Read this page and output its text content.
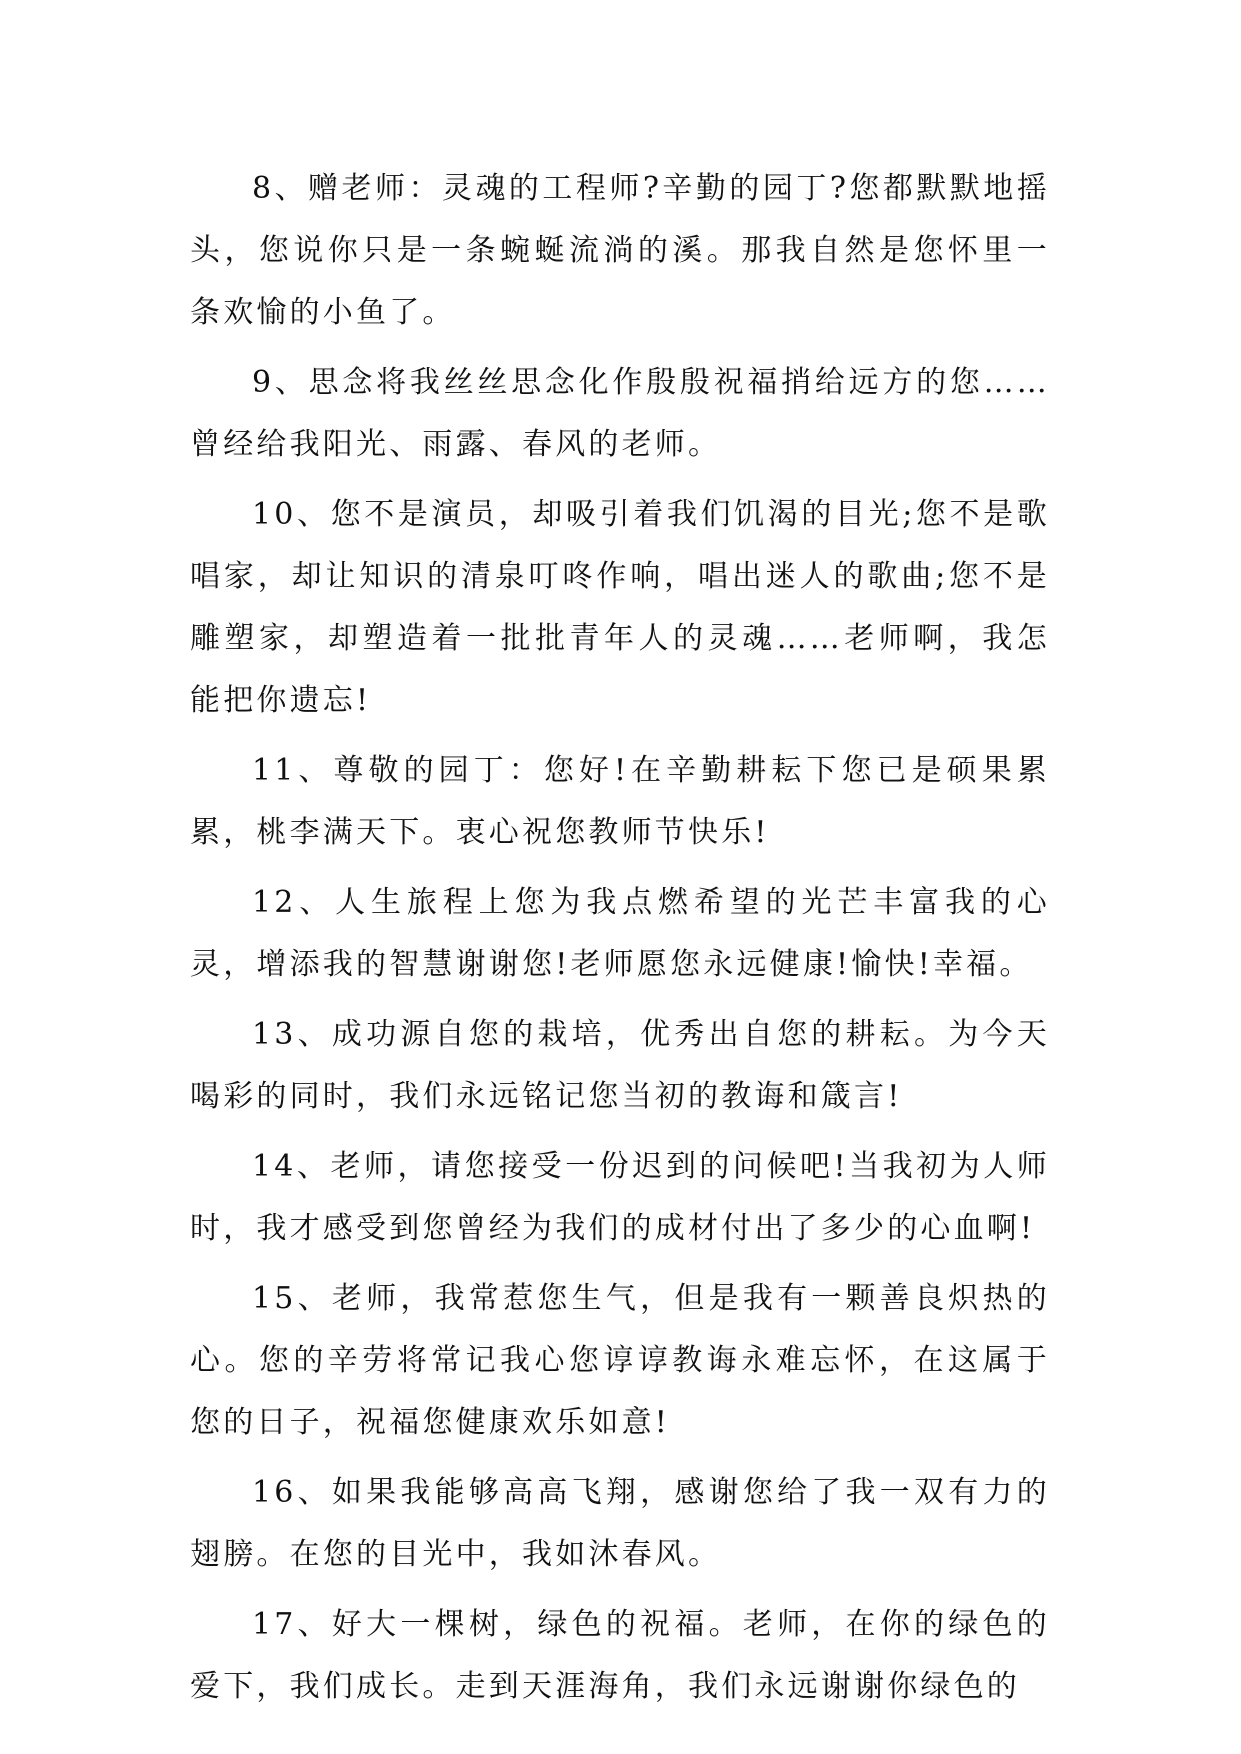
8、赠老师：灵魂的工程师?辛勤的园丁?您都默默地摇头，您说你只是一条蜿蜒流淌的溪。那我自然是您怀里一条欢愉的小鱼了。

9、思念将我丝丝思念化作殷殷祝福捎给远方的您……曾经给我阳光、雨露、春风的老师。

10、您不是演员，却吸引着我们饥渴的目光;您不是歌唱家，却让知识的清泉叮咚作响，唱出迷人的歌曲;您不是雕塑家，却塑造着一批批青年人的灵魂……老师啊，我怎能把你遗忘!

11、尊敬的园丁：您好!在辛勤耕耘下您已是硕果累累，桃李满天下。衷心祝您教师节快乐!

12、人生旅程上您为我点燃希望的光芒丰富我的心灵，增添我的智慧谢谢您!老师愿您永远健康!愉快!幸福。

13、成功源自您的栽培，优秀出自您的耕耘。为今天喝彩的同时，我们永远铭记您当初的教诲和箴言!

14、老师，请您接受一份迟到的问候吧!当我初为人师时，我才感受到您曾经为我们的成材付出了多少的心血啊!

15、老师，我常惹您生气，但是我有一颗善良炽热的心。您的辛劳将常记我心您谆谆教诲永难忘怀，在这属于您的日子，祝福您健康欢乐如意!

16、如果我能够高高飞翔，感谢您给了我一双有力的翅膀。在您的目光中，我如沐春风。

17、好大一棵树，绿色的祝福。老师，在你的绿色的爱下，我们成长。走到天涯海角，我们永远谢谢你绿色的
